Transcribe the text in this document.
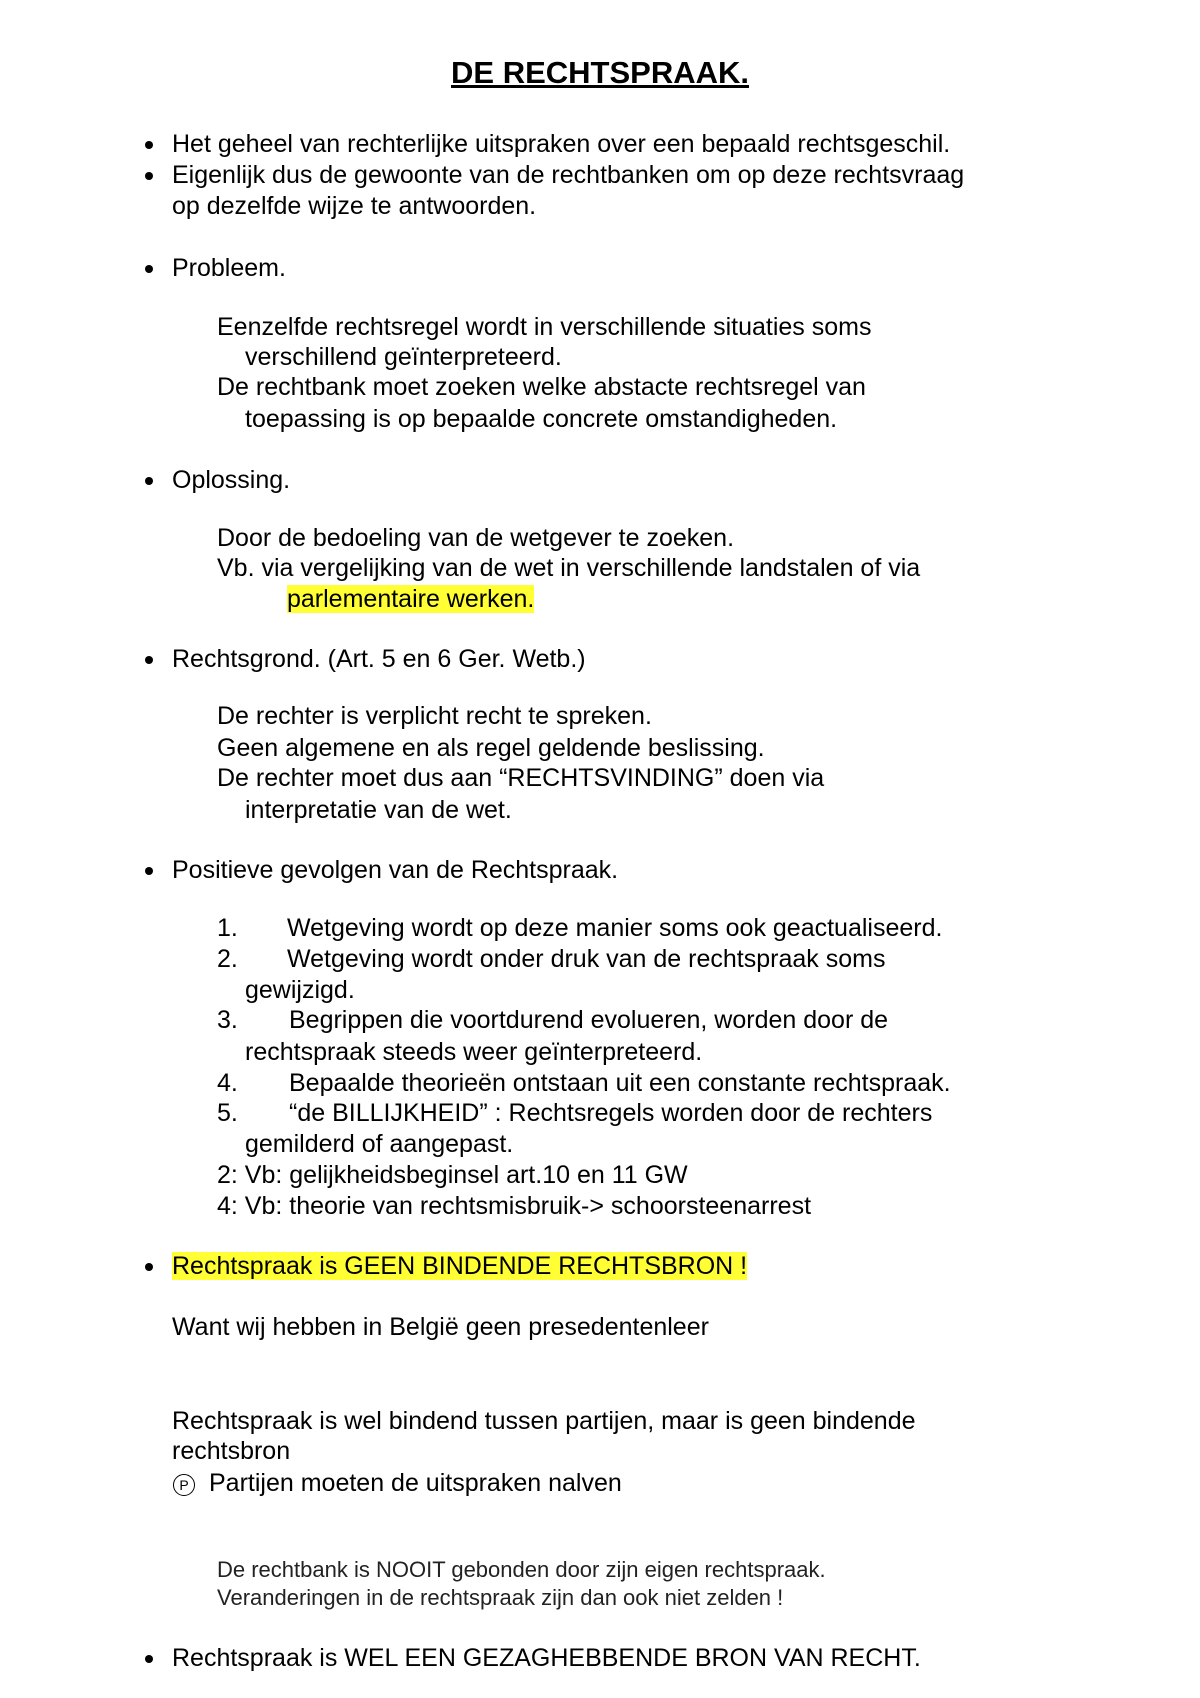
DE RECHTSPRAAK.
Het geheel van rechterlijke uitspraken over een bepaald rechtsgeschil.
Eigenlijk dus de gewoonte van de rechtbanken om op deze rechtsvraag
op dezelfde wijze te antwoorden.
Probleem.
Eenzelfde rechtsregel wordt in verschillende situaties soms
verschillend geïnterpreteerd.
De rechtbank moet zoeken welke abstacte rechtsregel van
toepassing is op bepaalde concrete omstandigheden.
Oplossing.
Door de bedoeling van de wetgever te zoeken.
Vb. via vergelijking van de wet in verschillende landstalen of via
parlementaire werken.
Rechtsgrond. (Art. 5 en 6 Ger. Wetb.)
De rechter is verplicht recht te spreken.
Geen algemene en als regel geldende beslissing.
De rechter moet dus aan “RECHTSVINDING” doen via
interpretatie van de wet.
Positieve gevolgen van de Rechtspraak.
1. Wetgeving wordt op deze manier soms ook geactualiseerd.
2. Wetgeving wordt onder druk van de rechtspraak soms
gewijzigd.
3. Begrippen die voortdurend evolueren, worden door de
rechtspraak steeds weer geïnterpreteerd.
4. Bepaalde theorieën ontstaan uit een constante rechtspraak.
5. “de BILLIJKHEID” : Rechtsregels worden door de rechters
gemilderd of aangepast.
2: Vb: gelijkheidsbeginsel art.10 en 11 GW
4: Vb: theorie van rechtsmisbruik-> schoorsteenarrest
Rechtspraak is GEEN BINDENDE RECHTSBRON !
Want wij hebben in België geen presedentenleer
Rechtspraak is wel bindend tussen partijen, maar is geen bindende
rechtsbron
P Partijen moeten de uitspraken nalven
De rechtbank is NOOIT gebonden door zijn eigen rechtspraak.
Veranderingen in de rechtspraak zijn dan ook niet zelden !
Rechtspraak is WEL EEN GEZAGHEBBENDE BRON VAN RECHT.
